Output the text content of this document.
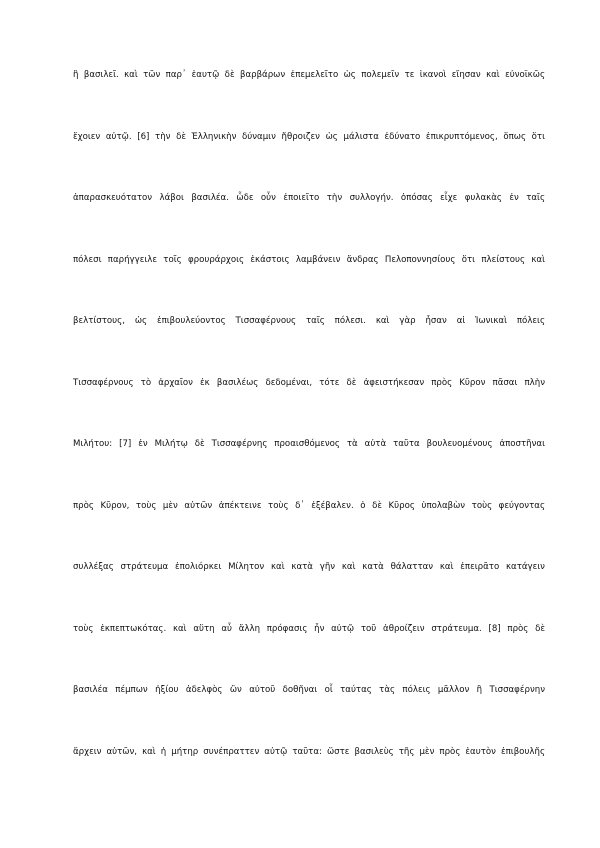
ἢ βασιλεῖ. καὶ τῶν παρ᾽ ἑαυτῷ δὲ βαρβάρων ἐπεμελεῖτο ὡς πολεμεῖν τε ἱκανοὶ εἴησαν καὶ εὐνοϊκῶς
ἔχοιεν αὐτῷ. [6] τὴν δὲ Ἑλληνικὴν δύναμιν ἤθροιζεν ὡς μάλιστα ἐδύνατο ἐπικρυπτόμενος, ὅπως ὅτι
ἀπαρασκευότατον λάβοι βασιλέα. ὧδε οὖν ἐποιεῖτο τὴν συλλογήν. ὁπόσας εἶχε φυλακὰς ἐν ταῖς
πόλεσι παρήγγειλε τοῖς φρουράρχοις ἑκάστοις λαμβάνειν ἄνδρας Πελοποννησίους ὅτι πλείστους καὶ
βελτίστους, ὡς ἐπιβουλεύοντος Τισσαφέρνους ταῖς πόλεσι. καὶ γὰρ ἦσαν αἱ Ἰωνικαὶ πόλεις
Τισσαφέρνους τὸ ἀρχαῖον ἐκ βασιλέως δεδομέναι, τότε δὲ ἀφειστήκεσαν πρὸς Κῦρον πᾶσαι πλὴν
Μιλήτου: [7] ἐν Μιλήτῳ δὲ Τισσαφέρνης προαισθόμενος τὰ αὐτὰ ταῦτα βουλευομένους ἀποστῆναι
πρὸς Κῦρον, τοὺς μὲν αὐτῶν ἀπέκτεινε τοὺς δ᾽ ἐξέβαλεν. ὁ δὲ Κῦρος ὑπολαβὼν τοὺς φεύγοντας
συλλέξας στράτευμα ἐπολιόρκει Μίλητον καὶ κατὰ γῆν καὶ κατὰ θάλατταν καὶ ἐπειρᾶτο κατάγειν
τοὺς ἐκπεπτωκότας. καὶ αὕτη αὖ ἄλλη πρόφασις ἦν αὐτῷ τοῦ ἀθροίζειν στράτευμα. [8] πρὸς δὲ
βασιλέα πέμπων ἠξίου ἀδελφὸς ὢν αὐτοῦ δοθῆναι οἷ ταύτας τὰς πόλεις μᾶλλον ἢ Τισσαφέρνην
ἄρχειν αὐτῶν, καὶ ἡ μήτηρ συνέπραττεν αὐτῷ ταῦτα: ὥστε βασιλεὺς τῆς μὲν πρὸς ἑαυτὸν ἐπιβουλῆς
